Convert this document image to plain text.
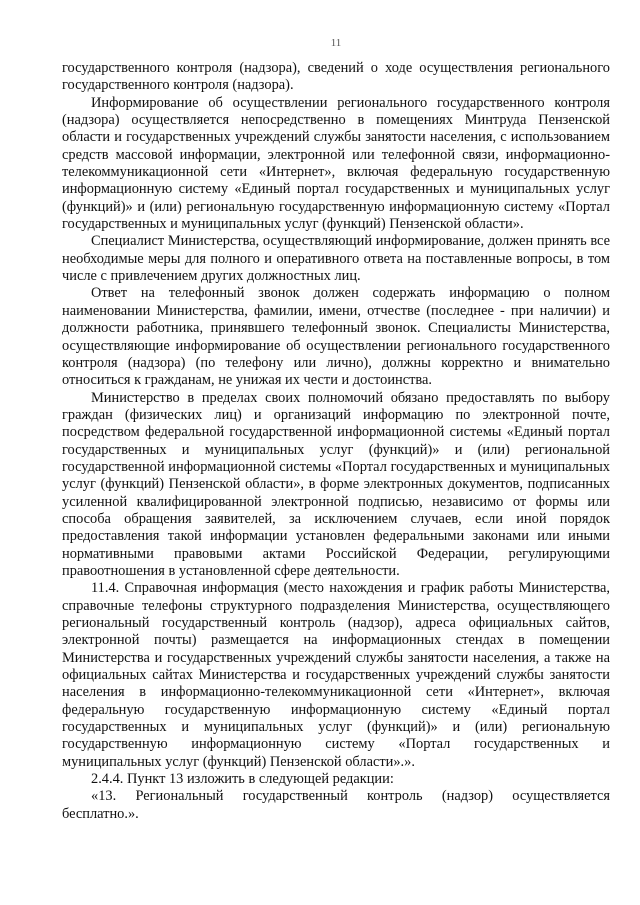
11

государственного контроля (надзора), сведений о ходе осуществления регионального государственного контроля (надзора).

Информирование об осуществлении регионального государственного контроля (надзора) осуществляется непосредственно в помещениях Минтруда Пензенской области и государственных учреждений службы занятости населения, с использованием средств массовой информации, электронной или телефонной связи, информационно-телекоммуникационной сети «Интернет», включая федеральную государственную информационную систему «Единый портал государственных и муниципальных услуг (функций)» и (или) региональную государственную информационную систему «Портал государственных и муниципальных услуг (функций) Пензенской области».

Специалист Министерства, осуществляющий информирование, должен принять все необходимые меры для полного и оперативного ответа на поставленные вопросы, в том числе с привлечением других должностных лиц.

Ответ на телефонный звонок должен содержать информацию о полном наименовании Министерства, фамилии, имени, отчестве (последнее - при наличии) и должности работника, принявшего телефонный звонок. Специалисты Министерства, осуществляющие информирование об осуществлении регионального государственного контроля (надзора) (по телефону или лично), должны корректно и внимательно относиться к гражданам, не унижая их чести и достоинства.

Министерство в пределах своих полномочий обязано предоставлять по выбору граждан (физических лиц) и организаций информацию по электронной почте, посредством федеральной государственной информационной системы «Единый портал государственных и муниципальных услуг (функций)» и (или) региональной государственной информационной системы «Портал государственных и муниципальных услуг (функций) Пензенской области», в форме электронных документов, подписанных усиленной квалифицированной электронной подписью, независимо от формы или способа обращения заявителей, за исключением случаев, если иной порядок предоставления такой информации установлен федеральными законами или иными нормативными правовыми актами Российской Федерации, регулирующими правоотношения в установленной сфере деятельности.

11.4. Справочная информация (место нахождения и график работы Министерства, справочные телефоны структурного подразделения Министерства, осуществляющего региональный государственный контроль (надзор), адреса официальных сайтов, электронной почты) размещается на информационных стендах в помещении Министерства и государственных учреждений службы занятости населения, а также на официальных сайтах Министерства и государственных учреждений службы занятости населения в информационно-телекоммуникационной сети «Интернет», включая федеральную государственную информационную систему «Единый портал государственных и муниципальных услуг (функций)» и (или) региональную государственную информационную систему «Портал государственных и муниципальных услуг (функций) Пензенской области».».

2.4.4. Пункт 13 изложить в следующей редакции:

«13. Региональный государственный контроль (надзор) осуществляется бесплатно.».
